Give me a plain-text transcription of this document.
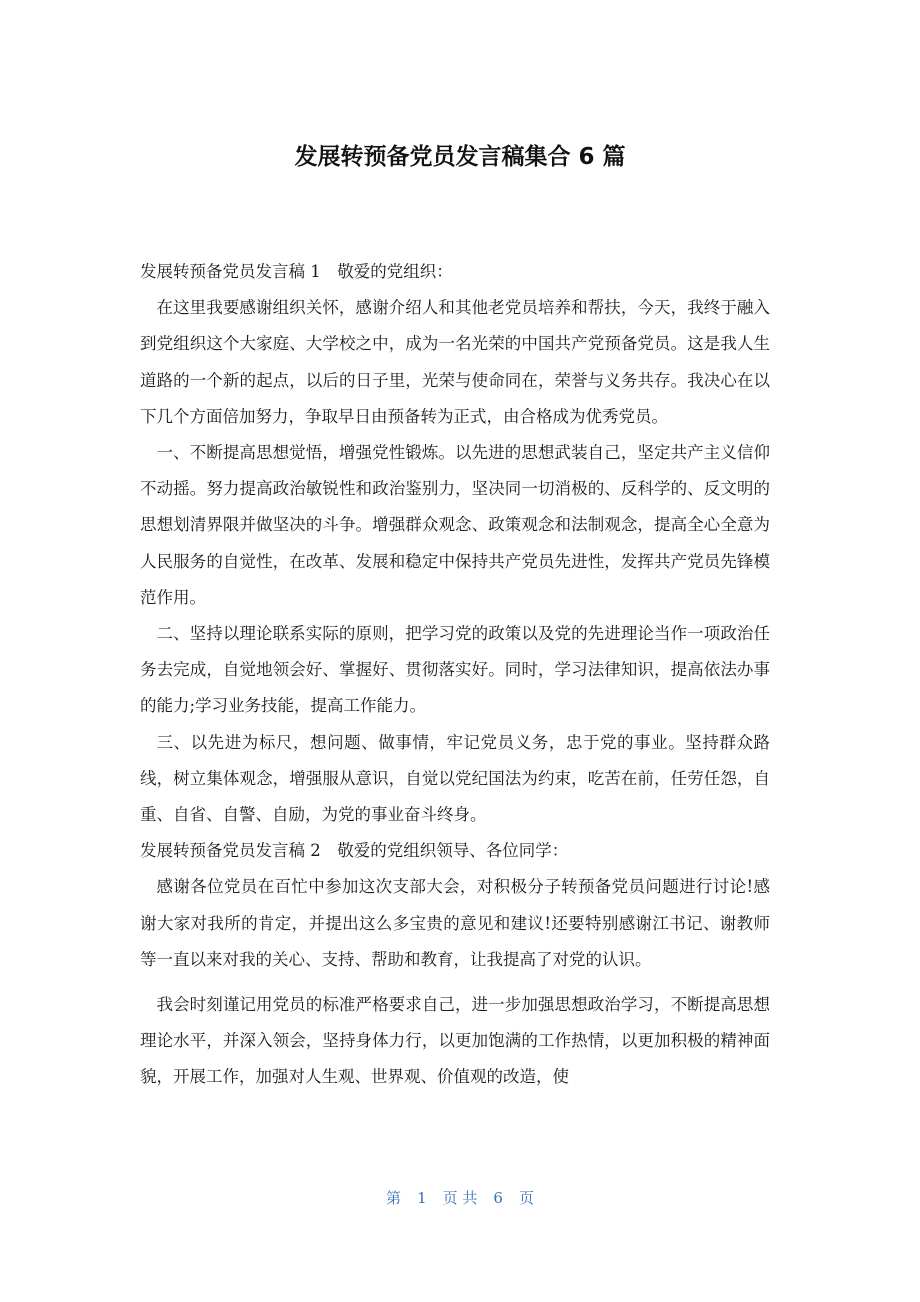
发展转预备党员发言稿集合 6 篇

发展转预备党员发言稿 1　敬爱的党组织：

在这里我要感谢组织关怀，感谢介绍人和其他老党员培养和帮扶，今天，我终于融入到党组织这个大家庭、大学校之中，成为一名光荣的中国共产党预备党员。这是我人生道路的一个新的起点，以后的日子里，光荣与使命同在，荣誉与义务共存。我决心在以下几个方面倍加努力，争取早日由预备转为正式，由合格成为优秀党员。

一、不断提高思想觉悟，增强党性锻炼。以先进的思想武装自己，坚定共产主义信仰不动摇。努力提高政治敏锐性和政治鉴别力，坚决同一切消极的、反科学的、反文明的思想划清界限并做坚决的斗争。增强群众观念、政策观念和法制观念，提高全心全意为人民服务的自觉性，在改革、发展和稳定中保持共产党员先进性，发挥共产党员先锋模范作用。

二、坚持以理论联系实际的原则，把学习党的政策以及党的先进理论当作一项政治任务去完成，自觉地领会好、掌握好、贯彻落实好。同时，学习法律知识，提高依法办事的能力;学习业务技能，提高工作能力。

三、以先进为标尺，想问题、做事情，牢记党员义务，忠于党的事业。坚持群众路线，树立集体观念，增强服从意识，自觉以党纪国法为约束，吃苦在前，任劳任怨，自重、自省、自警、自励，为党的事业奋斗终身。

发展转预备党员发言稿 2　敬爱的党组织领导、各位同学：

感谢各位党员在百忙中参加这次支部大会，对积极分子转预备党员问题进行讨论!感谢大家对我所的肯定，并提出这么多宝贵的意见和建议!还要特别感谢江书记、谢教师等一直以来对我的关心、支持、帮助和教育，让我提高了对党的认识。

我会时刻谨记用党员的标准严格要求自己，进一步加强思想政治学习，不断提高思想理论水平，并深入领会，坚持身体力行，以更加饱满的工作热情，以更加积极的精神面貌，开展工作，加强对人生观、世界观、价值观的改造，使

第 1 页 共 6 页
